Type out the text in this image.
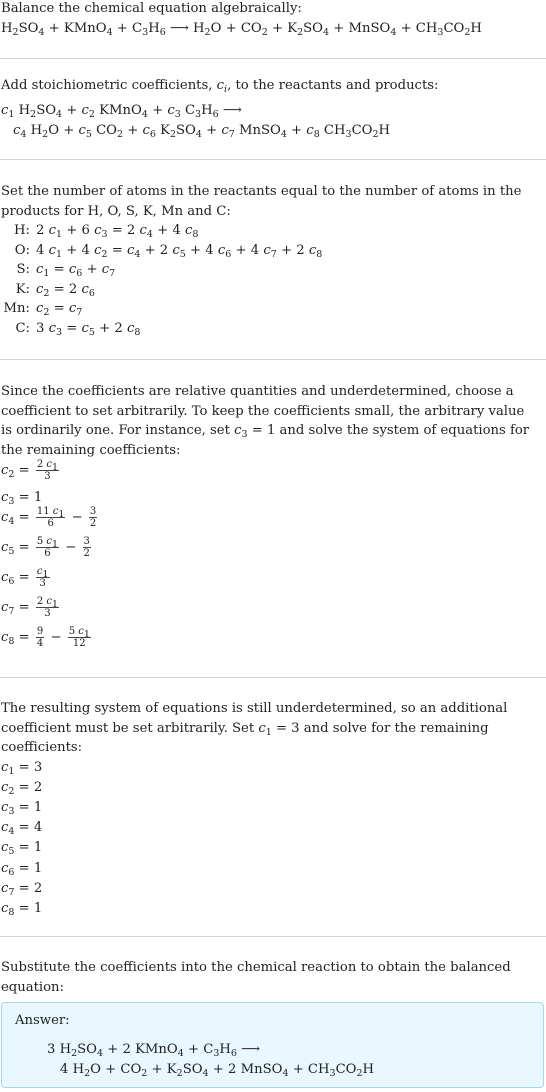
Balance the chemical equation algebraically:
$H_2SO_4$ + KMnO$_4$ + $C_3H_6$ ⟶ $H_2O + CO_2 + K_2SO_4$ + MnSO$_4$ + $CH_3CO_2H$
Add stoichiometric coefficients, $c_i$, to the reactants and products:
$c_1$ $H_2SO_4 + c_2$ KMnO$_4$ + $c_3$ $C_3H_6$ ⟶
$c_4$ $H_2O + c_5$ $CO_2 + c_6$ $K_2SO_4 + c_7$ MnSO$_4$ + $c_8$ $CH_3CO_2H$
Set the number of atoms in the reactants equal to the number of atoms in the products for H, O, S, K, Mn and C:
H:	2 $c_1 + 6$ $c_3 = 2$ $c_4 + 4$ $c_8$
O:	4 $c_1 + 4$ $c_2 = c_4 + 2$ $c_5 + 4$ $c_6 + 4$ $c_7 + 2$ $c_8$
S:	$c_1 = c_6 + c_7$
K:	$c_2 = 2$ $c_6$
Mn:	$c_2 = c_7$
C:	3 $c_3 = c_5 + 2$ $c_8$
Since the coefficients are relative quantities and underdetermined, choose a coefficient to set arbitrarily. To keep the coefficients small, the arbitrary value is ordinarily one. For instance, set $c_3 = 1$ and solve the system of equations for the remaining coefficients:
$c_2 = \frac{2 c_1}{3}$
$c_3 = 1$
$c_4 = \frac{11 c_1}{6} - \frac{3}{2}$
$c_5 = \frac{5 c_1}{6} - \frac{3}{2}$
$c_6 = \frac{c_1}{3}$
$c_7 = \frac{2 c_1}{3}$
$c_8 = \frac{9}{4} - \frac{5 c_1}{12}$
The resulting system of equations is still underdetermined, so an additional coefficient must be set arbitrarily. Set $c_1 = 3$ and solve for the remaining coefficients:
$c_1 = 3$
$c_2 = 2$
$c_3 = 1$
$c_4 = 4$
$c_5 = 1$
$c_6 = 1$
$c_7 = 2$
$c_8 = 1$
Substitute the coefficients into the chemical reaction to obtain the balanced equation:
Answer:
3 $H_2SO_4 + 2$ KMnO$_4$ + $C_3H_6$ ⟶
4 $H_2O + CO_2 + K_2SO_4 + 2$ MnSO$_4$ + $CH_3CO_2H$
